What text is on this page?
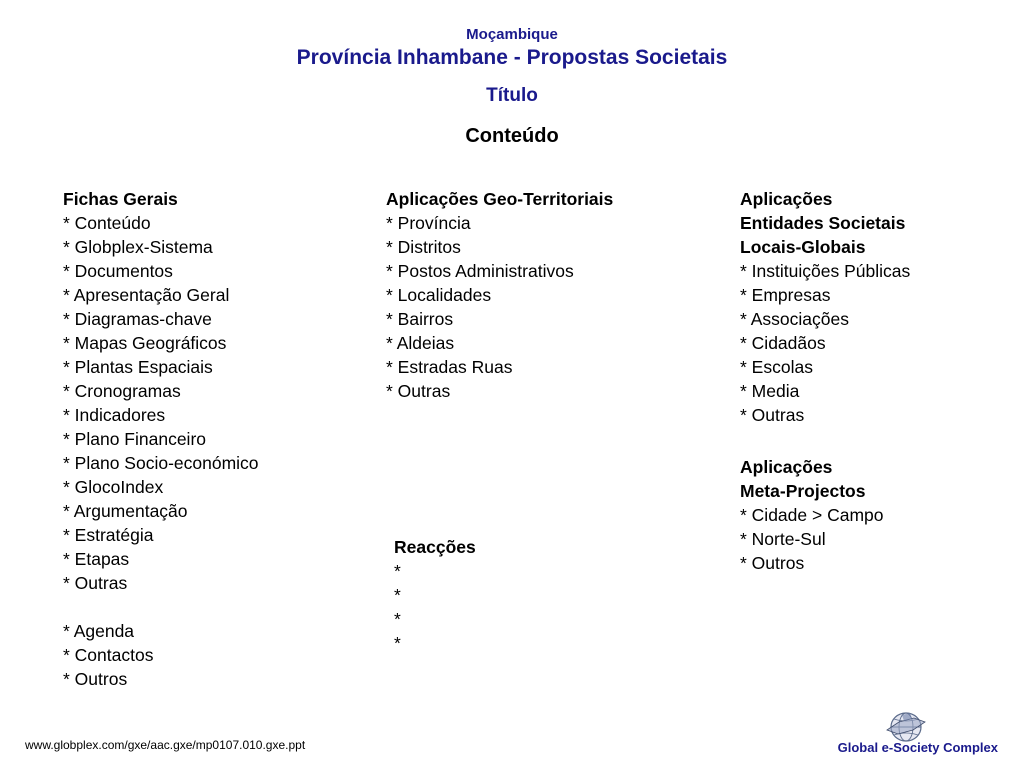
Moçambique
Província Inhambane - Propostas Societais
Título
Conteúdo
Fichas Gerais
* Conteúdo
* Globplex-Sistema
* Documentos
* Apresentação Geral
* Diagramas-chave
* Mapas Geográficos
* Plantas Espaciais
* Cronogramas
* Indicadores
* Plano Financeiro
* Plano Socio-económico
* GlocoIndex
* Argumentação
* Estratégia
* Etapas
* Outras
* Agenda
* Contactos
* Outros
Aplicações Geo-Territoriais
* Província
* Distritos
* Postos Administrativos
* Localidades
* Bairros
* Aldeias
* Estradas Ruas
* Outras
Aplicações
Entidades Societais
Locais-Globais
* Instituições Públicas
* Empresas
* Associações
* Cidadãos
* Escolas
* Media
* Outras
Aplicações
Meta-Projectos
* Cidade > Campo
* Norte-Sul
* Outros
Reacções
*
*
*
*
www.globplex.com/gxe/aac.gxe/mp0107.010.gxe.ppt	Global e-Society Complex
